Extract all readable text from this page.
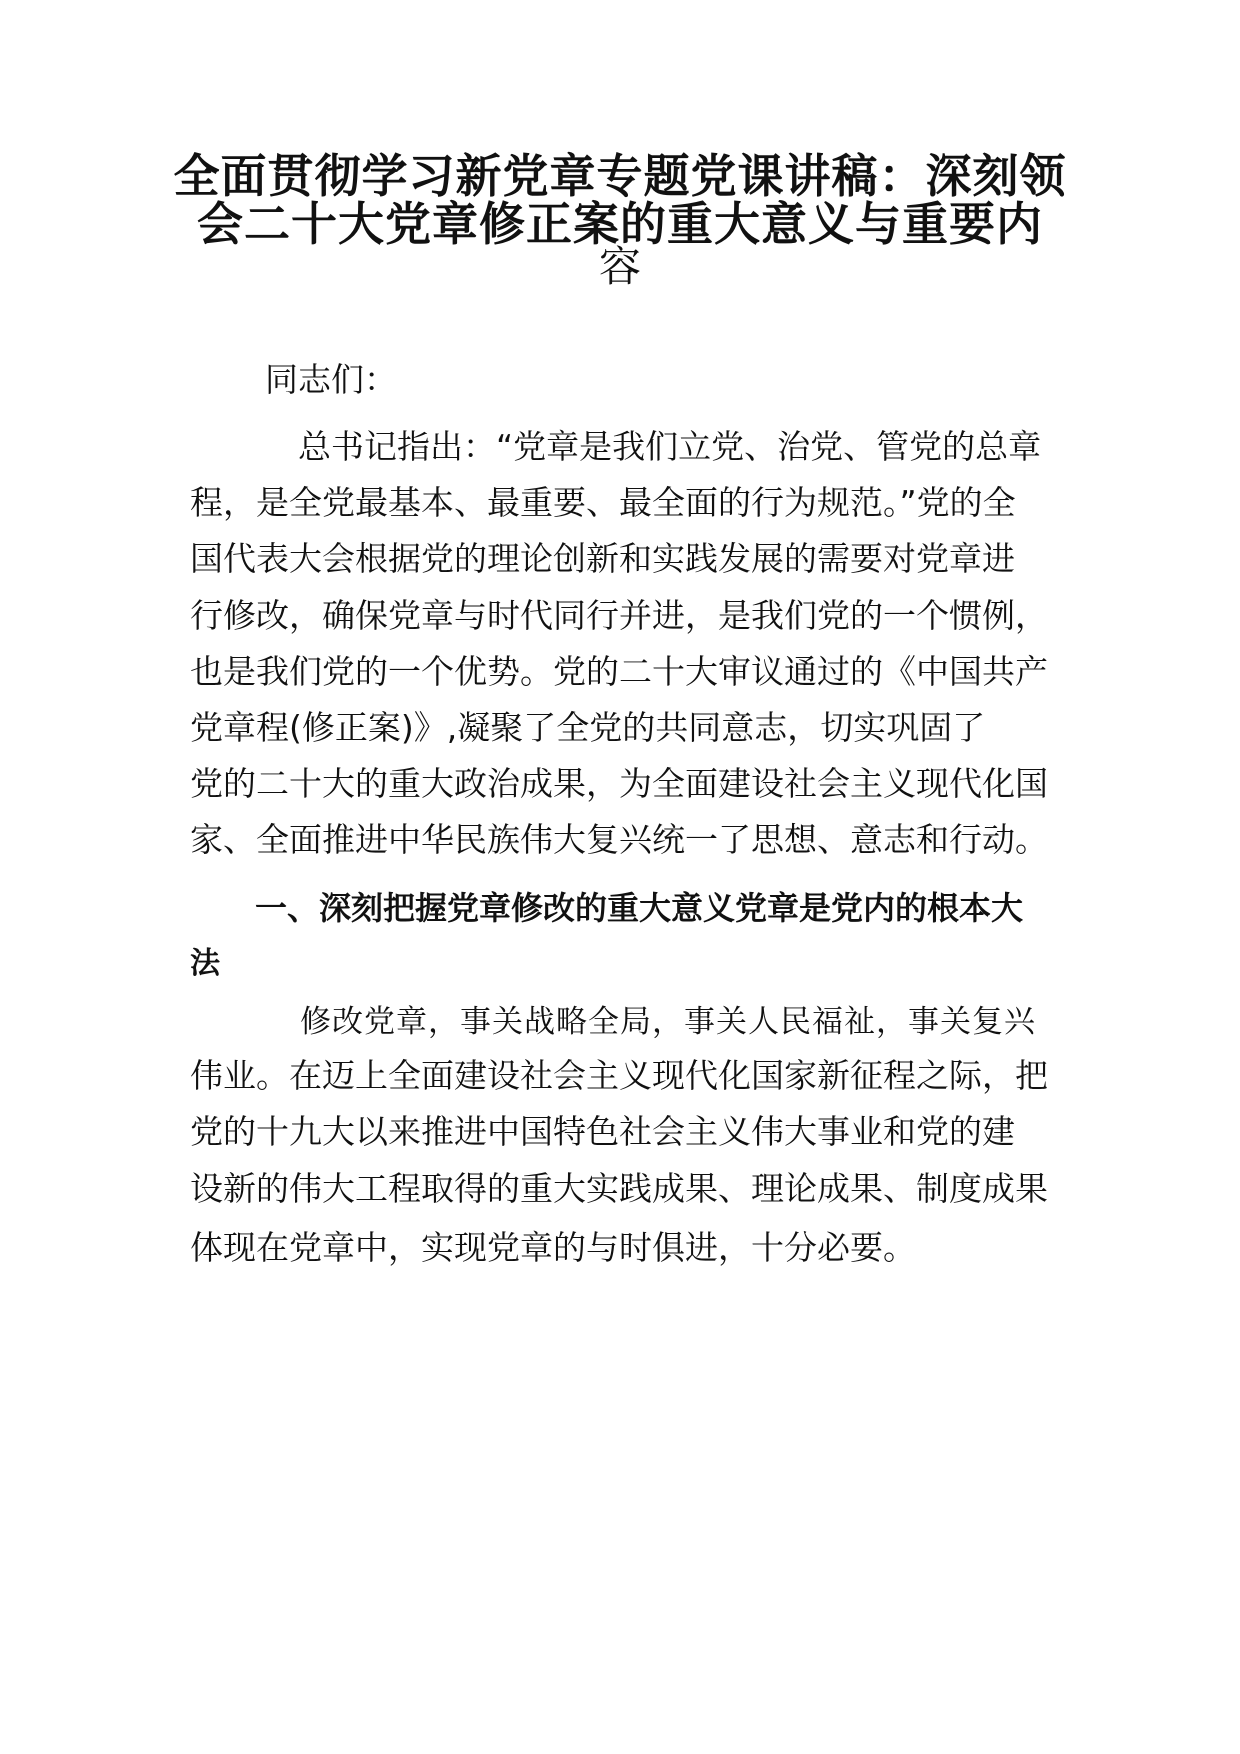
全面贯彻学习新党章专题党课讲稿：深刻领
会二十大党章修正案的重大意义与重要内
容
同志们：
总书记指出：“党章是我们立党、治党、管党的总章
程，是全党最基本、最重要、最全面的行为规范。”党的全
国代表大会根据党的理论创新和实践发展的需要对党章进
行修改，确保党章与时代同行并进，是我们党的一个惯例，
也是我们党的一个优势。党的二十大审议通过的《中国共产
党章程(修正案)》,凝聚了全党的共同意志，切实巩固了
党的二十大的重大政治成果，为全面建设社会主义现代化国
家、全面推进中华民族伟大复兴统一了思想、意志和行动。
一、深刻把握党章修改的重大意义党章是党内的根本大
法
修改党章，事关战略全局，事关人民福祉，事关复兴
伟业。在迈上全面建设社会主义现代化国家新征程之际，把
党的十九大以来推进中国特色社会主义伟大事业和党的建
设新的伟大工程取得的重大实践成果、理论成果、制度成果
体现在党章中，实现党章的与时俱进，十分必要。
